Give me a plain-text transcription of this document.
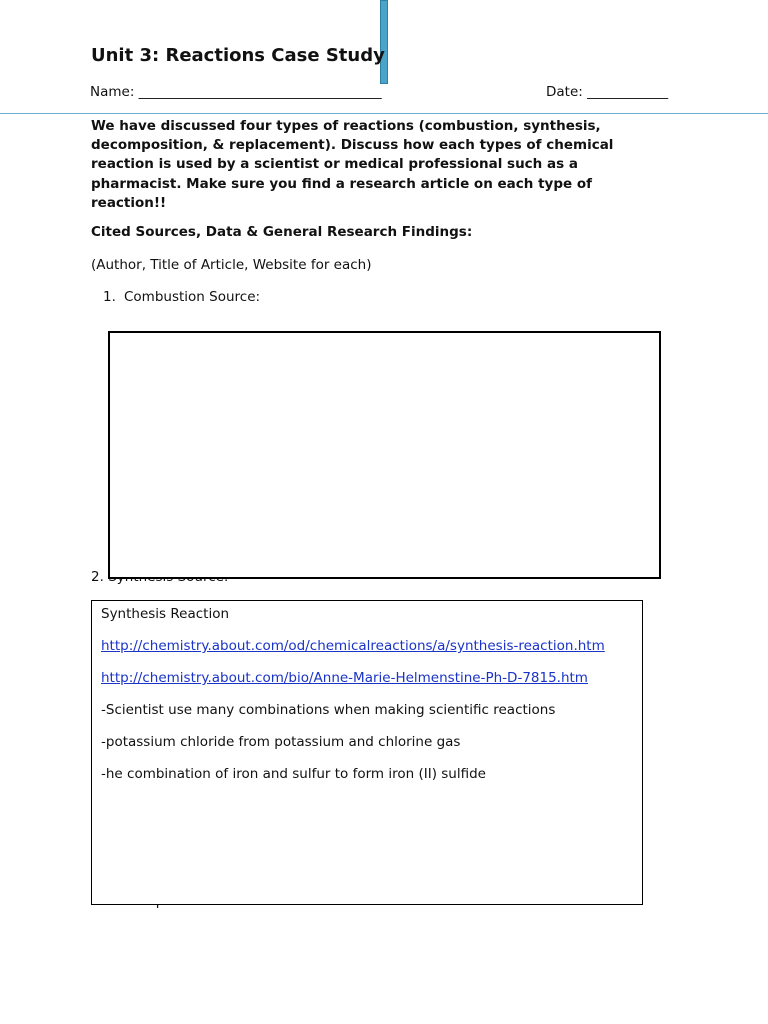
Unit 3: Reactions Case Study
Name: ____________________________________	Date: ____________
We have discussed four types of reactions (combustion, synthesis, decomposition, & replacement). Discuss how each types of chemical reaction is used by a scientist or medical professional such as a pharmacist. Make sure you find a research article on each type of reaction!!
Cited Sources, Data & General Research Findings:
(Author, Title of Article, Website for each)
1. Combustion Source:
2.
Synthesis Reaction
http://chemistry.about.com/od/chemicalreactions/a/synthesis-reaction.htm
http://chemistry.about.com/bio/Anne-Marie-Helmenstine-Ph-D-7815.htm
-Scientist use many combinations when making scientific reactions
-potassium chloride from potassium and chlorine gas
-he combination of iron and sulfur to form iron (II) sulfide
